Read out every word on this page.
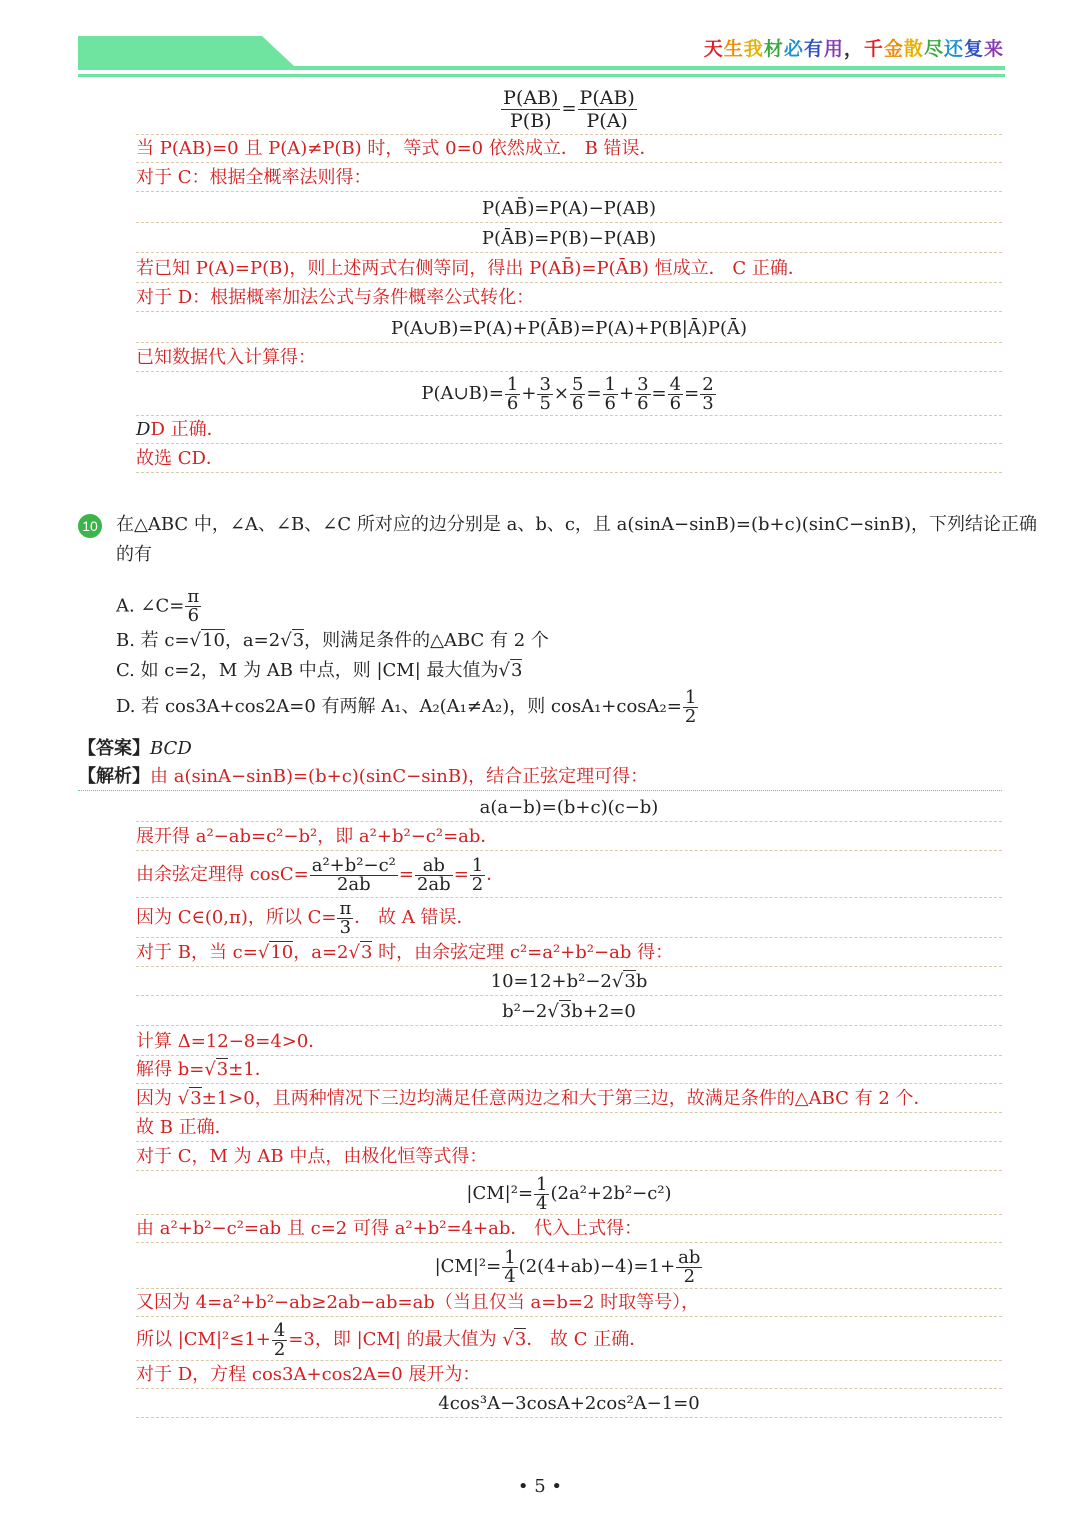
天生我材必有用，千金散尽还复来
$\frac{P(AB)}{P(B)} = \frac{P(AB)}{P(A)}$
当 P(AB)=0 且 P(A)≠P(B) 时，等式 0=0 依然成立． B 错误．
对于 C：根据全概率法则得：
P(AB̄)=P(A)−P(AB)
P(ĀB)=P(B)−P(AB)
若已知 P(A)=P(B)，则上述两式右侧等同，得出 P(AB̄)=P(ĀB) 恒成立． C 正确．
对于 D：根据概率加法公式与条件概率公式转化：
P(A∪B)=P(A)+P(ĀB)=P(A)+P(B|Ā)P(Ā)
已知数据代入计算得：
P(A∪B)= $\frac{1}{6} + \frac{3}{5} \times \frac{5}{6} = \frac{1}{6} + \frac{3}{6} = \frac{4}{6} = \frac{2}{3}$
DD 正确．
故选 CD．
10 在△ABC 中，∠A、∠B、∠C 所对应的边分别是 a、b、c，且 a(sinA−sinB)=(b+c)(sinC−sinB)，下列结论正确
的有
A. ∠C= $\frac{\pi}{6}$
B. 若 c=√10，a=2√3，则满足条件的△ABC 有 2 个
C. 如 c=2，M 为 AB 中点，则 |CM| 最大值为√3
D. 若 cos3A+cos2A=0 有两解 A₁、A₂(A₁≠A₂)，则 $\cos A_1+\cos A_2= \frac{1}{2}$
【答案】BCD
【解析】由 a(sinA−sinB)=(b+c)(sinC−sinB)，结合正弦定理可得：
a(a−b)=(b+c)(c−b)
展开得 a²−ab=c²−b²，即 a²+b²−c²=ab．
由余弦定理得 $\cos C= \frac{\text{a²+b²−c²}}{2ab} = \frac{ab}{2ab} = \frac{1}{2}$ ．
因为 C∈(0,π)，所以 $C= \frac{\pi}{3}$ ． 故 A 错误．
对于 B，当 c=√10，a=2√3 时，由余弦定理 c²=a²+b²−ab 得：
10=12+b²−2√3b
b²−2√3b+2=0
计算 Δ=12−8=4>0．
解得 b=√3±1．
因为 √3±1>0，且两种情况下三边均满足任意两边之和大于第三边，故满足条件的△ABC 有 2 个．
故 B 正确．
对于 C，M 为 AB 中点，由极化恒等式得：
$|CM|^2= \frac{1}{4} (2a^2+2b^2-c^2)$
由 a²+b²−c²=ab 且 c=2 可得 a²+b²=4+ab． 代入上式得：
$|CM|^2= \frac{1}{4} (2(4+ab)-4)=1+ \frac{ab}{2}$
又因为 4=a²+b²−ab≥2ab−ab=ab（当且仅当 a=b=2 时取等号），
所以 $|CM|^2\le 1+ \frac{4}{2} =3$，即 |CM| 的最大值为 √3． 故 C 正确．
对于 D，方程 cos3A+cos2A=0 展开为：
4cos³A−3cosA+2cos²A−1=0
• 5 •
